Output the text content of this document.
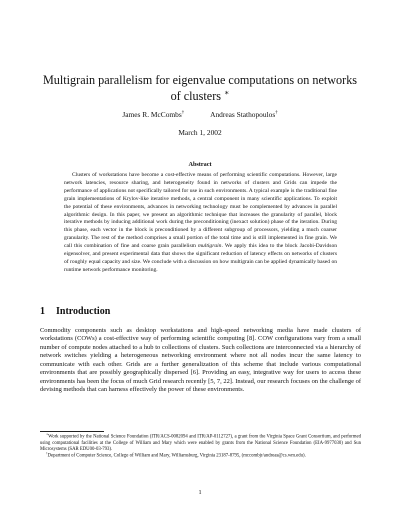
Multigrain parallelism for eigenvalue computations on networks of clusters ∗
James R. McCombs†	Andreas Stathopoulos†
March 1, 2002
Abstract

Clusters of workstations have become a cost-effective means of performing scientific computations. However, large network latencies, resource sharing, and heterogeneity found in networks of clusters and Grids can impede the performance of applications not specifically tailored for use in such environments. A typical example is the traditional fine grain implementations of Krylov-like iterative methods, a central component in many scientific applications. To exploit the potential of these environments, advances in networking technology must be complemented by advances in parallel algorithmic design. In this paper, we present an algorithmic technique that increases the granularity of parallel, block iterative methods by inducing additional work during the preconditioning (inexact solution) phase of the iteration. During this phase, each vector in the block is preconditioned by a different subgroup of processors, yielding a much coarser granularity. The rest of the method comprises a small portion of the total time and is still implemented in fine grain. We call this combination of fine and coarse grain parallelism multigrain. We apply this idea to the block Jacobi-Davidson eigensolver, and present experimental data that shows the significant reduction of latency effects on networks of clusters of roughly equal capacity and size. We conclude with a discussion on how multigrain can be applied dynamically based on runtime network performance monitoring.

1 Introduction

Commodity components such as desktop workstations and high-speed networking media have made clusters of workstations (COWs) a cost-effective way of performing scientific computing [8]. COW configurations vary from a small number of compute nodes attached to a hub to collections of clusters. Such collections are interconnected via a hierarchy of network switches yielding a heterogeneous networking environment where not all nodes incur the same latency to communicate with each other. Grids are a further generalization of this scheme that include various computational environments that are possibly geographically dispersed [6]. Providing an easy, integrative way for users to access these environments has been the focus of much Grid research recently [5, 7, 22]. Instead, our research focuses on the challenge of devising methods that can harness effectively the power of these environments.

∗Work supported by the National Science Foundation (ITR/ACS-0082094 and ITR/AP-0112727), a grant from the Virginia Space Grant Consortium, and performed using computational facilities at the College of William and Mary which were enabled by grants from the National Science Foundation (EIA-9977030) and Sun Microsystems (SAR EDU00-03-793).

†Department of Computer Science, College of William and Mary, Williamsburg, Virginia 23187-8795, (mccombjr/andreas@cs.wm.edu).

1
